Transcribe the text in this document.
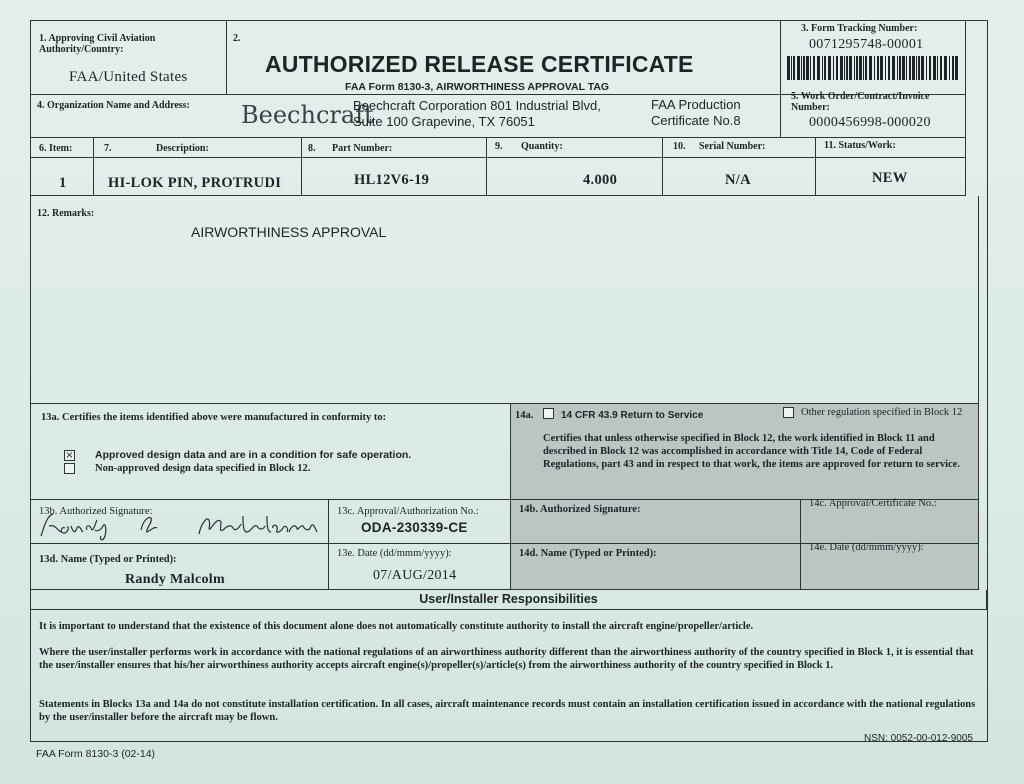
1. Approving Civil Aviation Authority/Country:
FAA/United States
2.
AUTHORIZED RELEASE CERTIFICATE
FAA Form 8130-3, AIRWORTHINESS APPROVAL TAG
3. Form Tracking Number:
0071295748-00001
4. Organization Name and Address: Beechcraft
Beechcraft Corporation 801 Industrial Blvd,
Suite 100 Grapevine, TX 76051
FAA Production
Certificate No.8
5. Work Order/Contract/Invoice Number:
0000456998-000020
6. Item:	7.	Description:	8. Part Number:	9. Quantity:	10. Serial Number:	11. Status/Work:
1	HI-LOK PIN, PROTRUDI	HL12V6-19	4.000	N/A	NEW
12. Remarks:
AIRWORTHINESS APPROVAL
13a. Certifies the items identified above were manufactured in conformity to:
× Approved design data and are in a condition for safe operation.
Non-approved design data specified in Block 12.
14a.	14 CFR 43.9 Return to Service	Other regulation specified in Block 12
Certifies that unless otherwise specified in Block 12, the work identified in Block 11 and described in Block 12 was accomplished in accordance with Title 14, Code of Federal Regulations, part 43 and in respect to that work, the items are approved for return to service.
13b. Authorized Signature:	13c. Approval/Authorization No.:
ODA-230339-CE
14b. Authorized Signature:
14c. Approval/Certificate No.:
13d. Name (Typed or Printed):
Randy Malcolm
13e. Date (dd/mmm/yyyy):
07/AUG/2014
14d. Name (Typed or Printed):
14e. Date (dd/mmm/yyyy):
User/Installer Responsibilities
It is important to understand that the existence of this document alone does not automatically constitute authority to install the aircraft engine/propeller/article.
Where the user/installer performs work in accordance with the national regulations of an airworthiness authority different than the airworthiness authority of the country specified in Block 1, it is essential that the user/installer ensures that his/her airworthiness authority accepts aircraft engine(s)/propeller(s)/article(s) from the airworthiness authority of the country specified in Block 1.
Statements in Blocks 13a and 14a do not constitute installation certification. In all cases, aircraft maintenance records must contain an installation certification issued in accordance with the national regulations by the user/installer before the aircraft may be flown.
FAA Form 8130-3 (02-14)
NSN: 0052-00-012-9005
